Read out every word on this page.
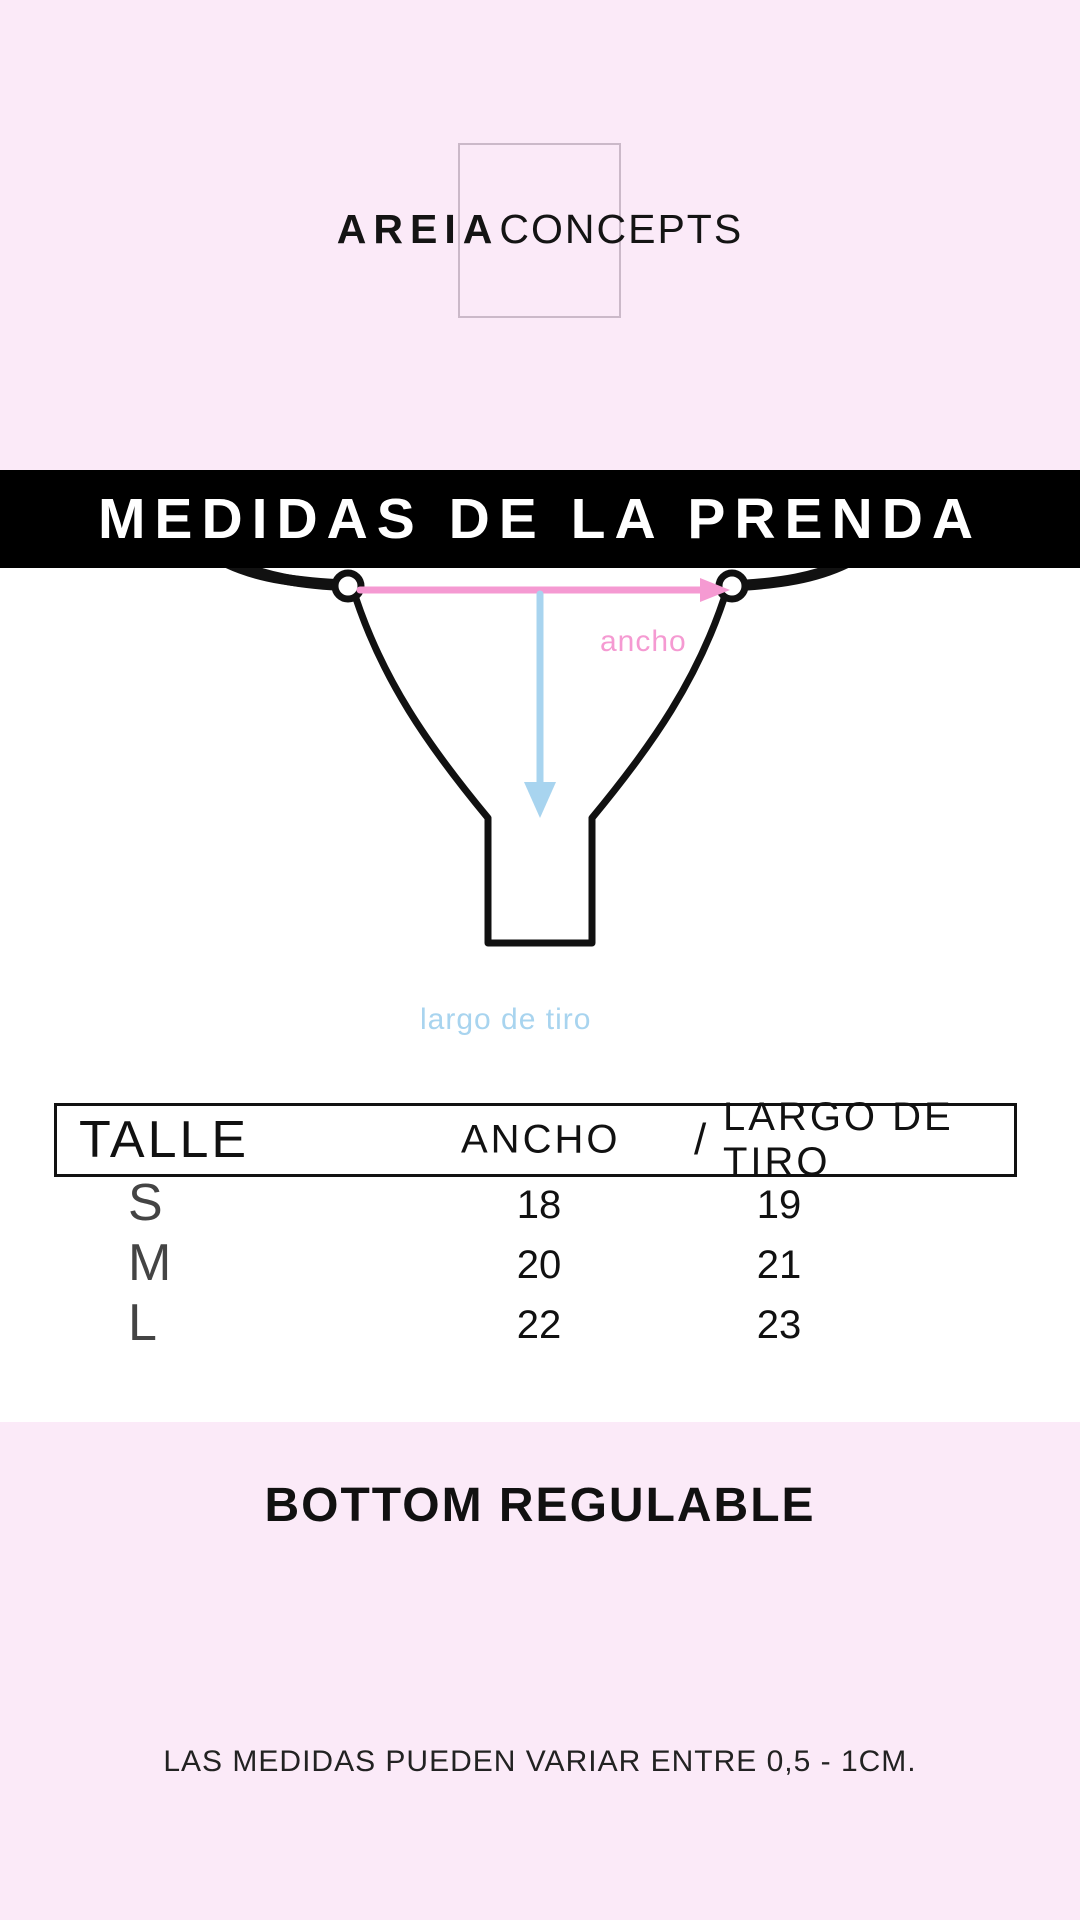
AREIACONCEPTS
MEDIDAS DE LA PRENDA
ancho
largo de tiro
TALLE	ANCHO / LARGO DE TIRO
S	18	19
M	20	21
L	22	23
BOTTOM REGULABLE
LAS MEDIDAS PUEDEN VARIAR ENTRE 0,5 - 1CM.
